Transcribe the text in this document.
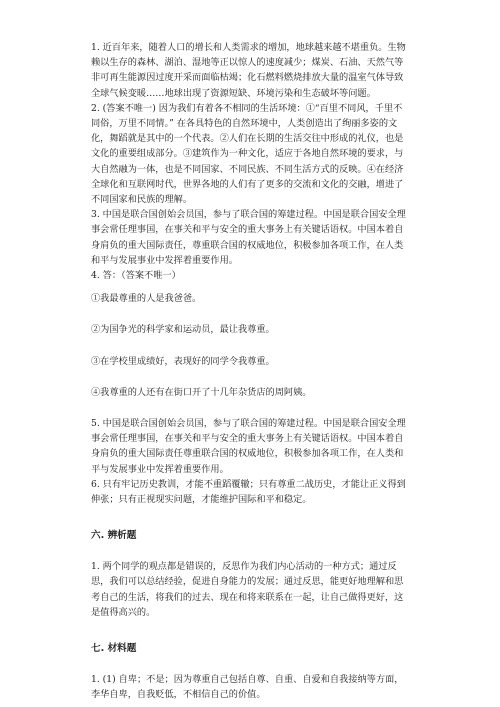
1. 近百年来，随着人口的增长和人类需求的增加，地球越来越不堪重负。生物
赖以生存的森林、湖泊、湿地等正以惊人的速度减少；煤炭、石油、天然气等
非可再生能源因过度开采而面临枯竭；化石燃料燃烧排放大量的温室气体导致
全球气候变暖……地球出现了资源短缺、环境污染和生态破坏等问题。

2. (答案不唯一) 因为我们有着各不相同的生活环境：①“百里不同风，千里不
同俗，万里不同情。” 在各具特色的自然环境中，人类创造出了绚丽多姿的文
化，舞蹈就是其中的一个代表。②人们在长期的生活交往中形成的礼仪，也是
文化的重要组成部分。③建筑作为一种文化，适应于各地自然环境的要求，与
大自然融为一体，也是不同国家、不同民族、不同生活方式的反映。④在经济
全球化和互联网时代，世界各地的人们有了更多的交流和文化的交融，增进了
不同国家和民族的理解。

3. 中国是联合国创始会员国，参与了联合国的筹建过程。中国是联合国安全理
事会常任理事国，在事关和平与安全的重大事务上有关键话语权。中国本着自
身肩负的重大国际责任，尊重联合国的权威地位，积极参加各项工作，在人类
和平与发展事业中发挥着重要作用。

4. 答：（答案不唯一）

①我最尊重的人是我爸爸。

②为国争光的科学家和运动员，最让我尊重。

③在学校里成绩好，表现好的同学令我尊重。

④我尊重的人还有在街口开了十几年杂货店的周阿姨。

5. 中国是联合国创始会员国，参与了联合国的筹建过程。中国是联合国安全理
事会常任理事国，在事关和平与安全的重大事务上有关键话语权。中国本着自
身肩负的重大国际责任尊重联合国的权威地位，积极参加各项工作，在人类和
平与发展事业中发挥着重要作用。

6. 只有牢记历史教训，才能不重蹈覆辙；只有尊重二战历史，才能让正义得到
伸张；只有正视现实问题，才能维护国际和平和稳定。

六. 辨析题

1. 两个同学的观点都是错误的，反思作为我们内心活动的一种方式；通过反
思，我们可以总结经验，促进自身能力的发展；通过反思，能更好地理解和思
考自己的生活，将我们的过去、现在和将来联系在一起，让自己做得更好，这
是值得高兴的。

七. 材料题

1. (1) 自卑；不是；因为尊重自己包括自尊、自重、自爱和自我接纳等方面，
李华自卑，自我贬低，不相信自己的价值。
